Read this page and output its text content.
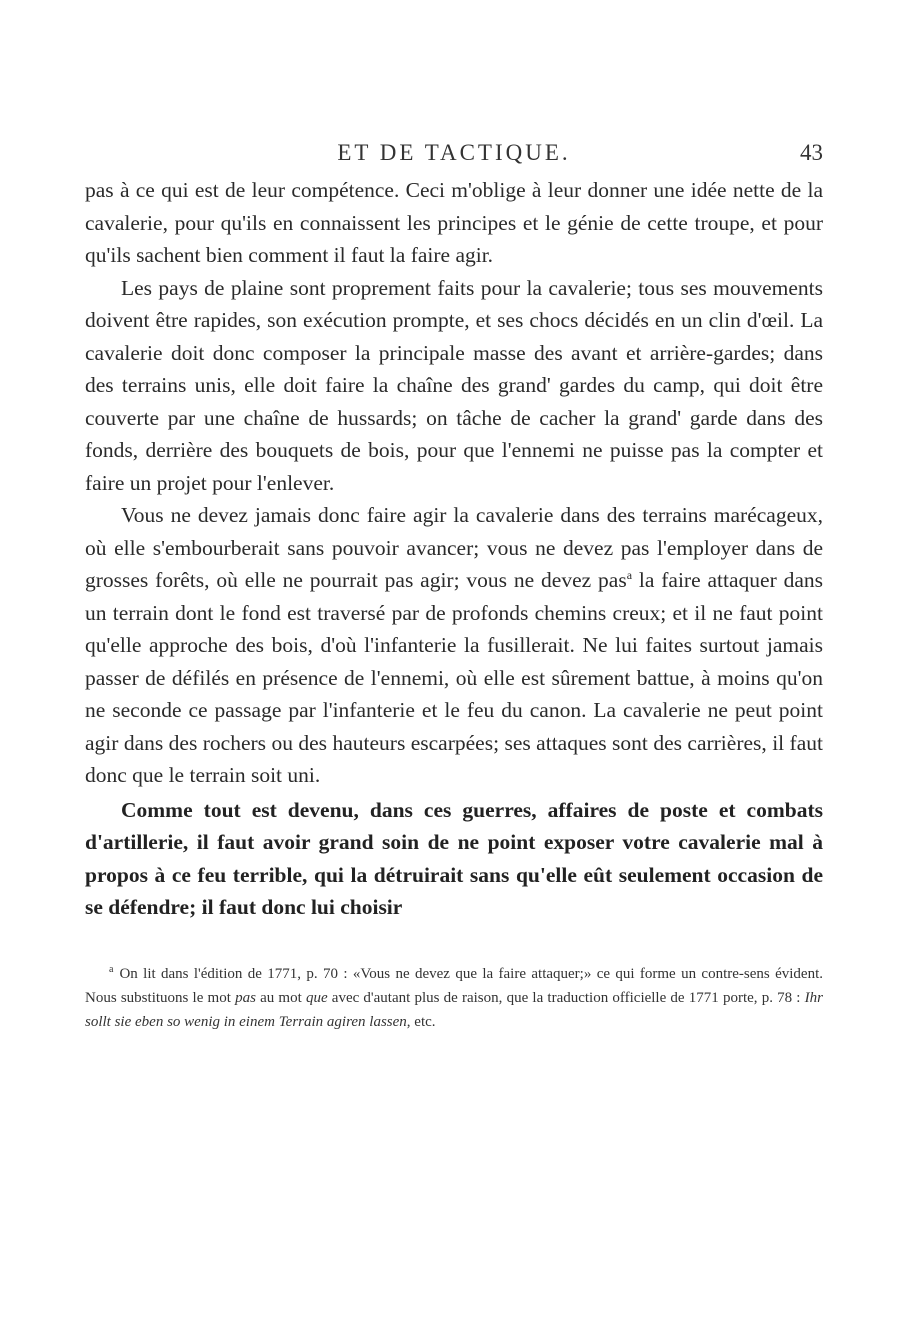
ET DE TACTIQUE.	43

pas à ce qui est de leur compétence. Ceci m'oblige à leur donner une idée nette de la cavalerie, pour qu'ils en connaissent les principes et le génie de cette troupe, et pour qu'ils sachent bien comment il faut la faire agir.

Les pays de plaine sont proprement faits pour la cavalerie; tous ses mouvements doivent être rapides, son exécution prompte, et ses chocs décidés en un clin d'œil. La cavalerie doit donc composer la principale masse des avant et arrière-gardes; dans des terrains unis, elle doit faire la chaîne des grand' gardes du camp, qui doit être couverte par une chaîne de hussards; on tâche de cacher la grand' garde dans des fonds, derrière des bouquets de bois, pour que l'ennemi ne puisse pas la compter et faire un projet pour l'enlever.

Vous ne devez jamais donc faire agir la cavalerie dans des terrains marécageux, où elle s'embourberait sans pouvoir avancer; vous ne devez pas l'employer dans de grosses forêts, où elle ne pourrait pas agir; vous ne devez pas$^a$ la faire attaquer dans un terrain dont le fond est traversé par de profonds chemins creux; et il ne faut point qu'elle approche des bois, d'où l'infanterie la fusillerait. Ne lui faites surtout jamais passer de défilés en présence de l'ennemi, où elle est sûrement battue, à moins qu'on ne seconde ce passage par l'infanterie et le feu du canon. La cavalerie ne peut point agir dans des rochers ou des hauteurs escarpées; ses attaques sont des carrières, il faut donc que le terrain soit uni.

Comme tout est devenu, dans ces guerres, affaires de poste et combats d'artillerie, il faut avoir grand soin de ne point exposer votre cavalerie mal à propos à ce feu terrible, qui la détruirait sans qu'elle eût seulement occasion de se défendre; il faut donc lui choisir

$^a$ On lit dans l'édition de 1771, p. 70 : «Vous ne devez que la faire attaquer;» ce qui forme un contre-sens évident. Nous substituons le mot pas au mot que avec d'autant plus de raison, que la traduction officielle de 1771 porte, p. 78 : Ihr sollt sie eben so wenig in einem Terrain agiren lassen, etc.
